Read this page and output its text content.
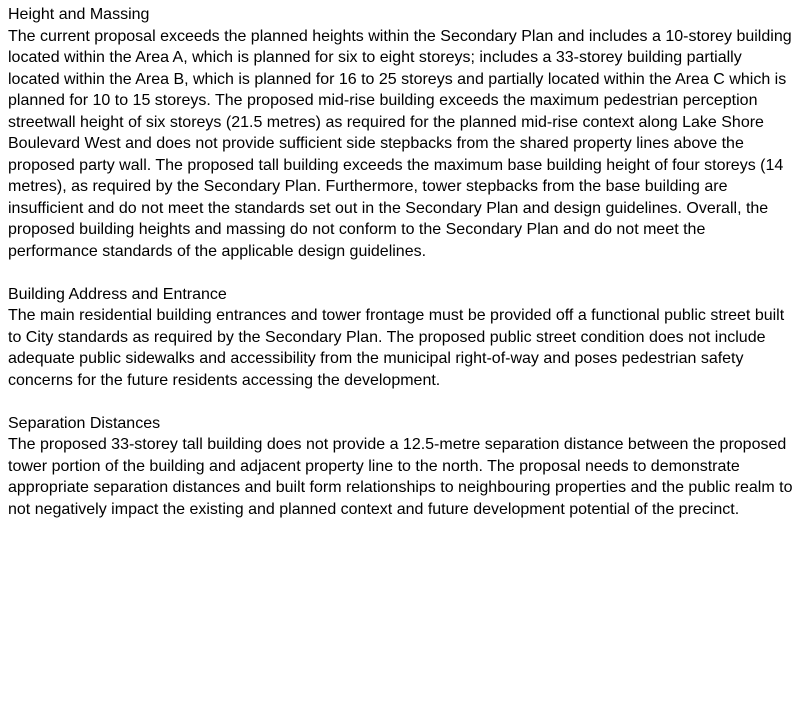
Height and Massing
The current proposal exceeds the planned heights within the Secondary Plan and includes a 10-storey building located within the Area A, which is planned for six to eight storeys; includes a 33-storey building partially located within the Area B, which is planned for 16 to 25 storeys and partially located within the Area C which is planned for 10 to 15 storeys. The proposed mid-rise building exceeds the maximum pedestrian perception streetwall height of six storeys (21.5 metres) as required for the planned mid-rise context along Lake Shore Boulevard West and does not provide sufficient side stepbacks from the shared property lines above the proposed party wall. The proposed tall building exceeds the maximum base building height of four storeys (14 metres), as required by the Secondary Plan. Furthermore, tower stepbacks from the base building are insufficient and do not meet the standards set out in the Secondary Plan and design guidelines. Overall, the proposed building heights and massing do not conform to the Secondary Plan and do not meet the performance standards of the applicable design guidelines.
Building Address and Entrance
The main residential building entrances and tower frontage must be provided off a functional public street built to City standards as required by the Secondary Plan. The proposed public street condition does not include adequate public sidewalks and accessibility from the municipal right-of-way and poses pedestrian safety concerns for the future residents accessing the development.
Separation Distances
The proposed 33-storey tall building does not provide a 12.5-metre separation distance between the proposed tower portion of the building and adjacent property line to the north. The proposal needs to demonstrate appropriate separation distances and built form relationships to neighbouring properties and the public realm to not negatively impact the existing and planned context and future development potential of the precinct.
